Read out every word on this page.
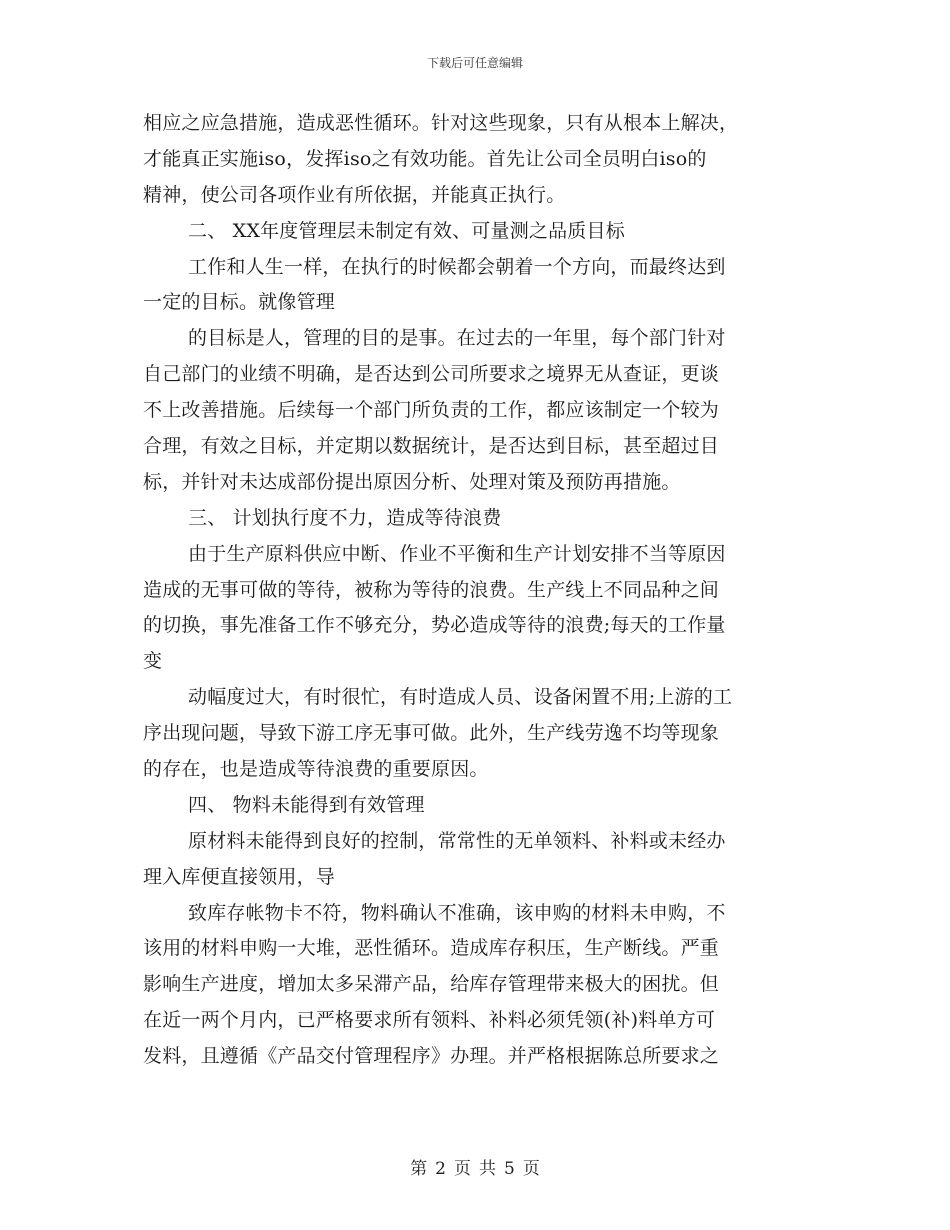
下载后可任意编辑
相应之应急措施，造成恶性循环。针对这些现象，只有从根本上解决，
才能真正实施iso，发挥iso之有效功能。首先让公司全员明白iso的
精神，使公司各项作业有所依据，并能真正执行。
二、 XX年度管理层未制定有效、可量测之品质目标
工作和人生一样，在执行的时候都会朝着一个方向，而最终达到
一定的目标。就像管理
的目标是人，管理的目的是事。在过去的一年里，每个部门针对
自己部门的业绩不明确，是否达到公司所要求之境界无从查证，更谈
不上改善措施。后续每一个部门所负责的工作，都应该制定一个较为
合理，有效之目标，并定期以数据统计，是否达到目标，甚至超过目
标，并针对未达成部份提出原因分析、处理对策及预防再措施。
三、 计划执行度不力，造成等待浪费
由于生产原料供应中断、作业不平衡和生产计划安排不当等原因
造成的无事可做的等待，被称为等待的浪费。生产线上不同品种之间
的切换，事先准备工作不够充分，势必造成等待的浪费;每天的工作量
变
动幅度过大，有时很忙，有时造成人员、设备闲置不用;上游的工
序出现问题，导致下游工序无事可做。此外，生产线劳逸不均等现象
的存在，也是造成等待浪费的重要原因。
四、 物料未能得到有效管理
原材料未能得到良好的控制，常常性的无单领料、补料或未经办
理入库便直接领用，导
致库存帐物卡不符，物料确认不准确，该申购的材料未申购，不
该用的材料申购一大堆，恶性循环。造成库存积压，生产断线。严重
影响生产进度，增加太多呆滞产品，给库存管理带来极大的困扰。但
在近一两个月内，已严格要求所有领料、补料必须凭领(补)料单方可
发料，且遵循《产品交付管理程序》办理。并严格根据陈总所要求之
第 2 页 共 5 页
